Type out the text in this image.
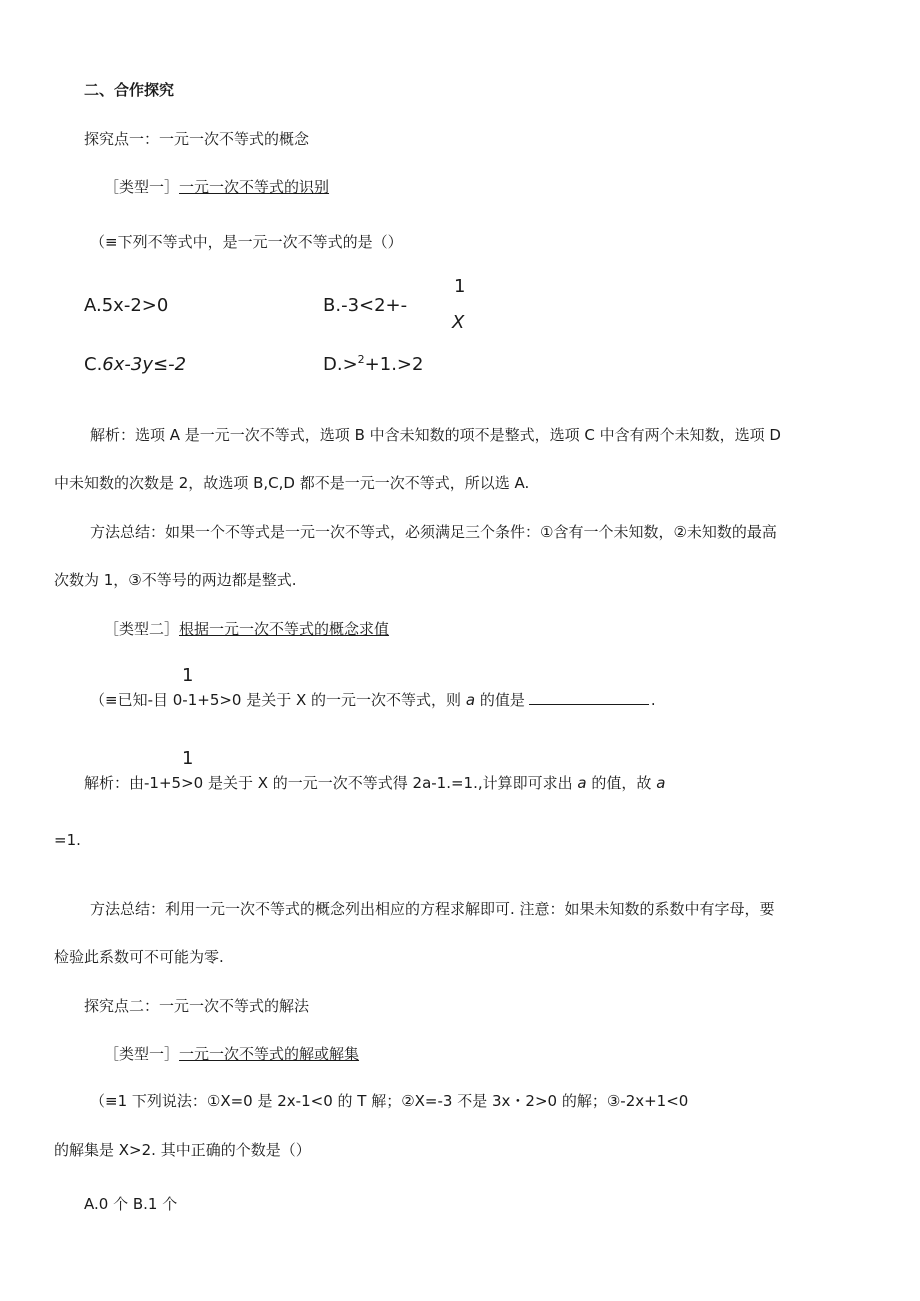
二、合作探究
探究点一：一元一次不等式的概念
［类型一］一元一次不等式的识别
（≡下列不等式中，是一元一次不等式的是（）
A.5x-2>0	B.-3<2+-
1
X
C.6x-3y≤-2	D.>$^2$+1.>2
解析：选项 A 是一元一次不等式，选项 B 中含未知数的项不是整式，选项 C 中含有两个未知数，选项 D
中未知数的次数是 2，故选项 B,C,D 都不是一元一次不等式，所以选 A.
方法总结：如果一个不等式是一元一次不等式，必须满足三个条件：①含有一个未知数，②未知数的最高
次数为 1，③不等号的两边都是整式.
［类型二］根据一元一次不等式的概念求值
1
（≡已知-目 0-1+5>0 是关于 X 的一元一次不等式，则 a 的值是	.
1
解析：由-1+5>0 是关于 X 的一元一次不等式得 2a-1.=1.,计算即可求出 a 的值，故 a
=1.
方法总结：利用一元一次不等式的概念列出相应的方程求解即可. 注意：如果未知数的系数中有字母，要
检验此系数可不可能为零.
探究点二：一元一次不等式的解法
［类型一］一元一次不等式的解或解集
（≡1 下列说法：①X=0 是 2x-1<0 的 T 解；②X=-3 不是 3x・2>0 的解；③-2x+1<0
的解集是 X>2. 其中正确的个数是（）
A.0 个 B.1 个
